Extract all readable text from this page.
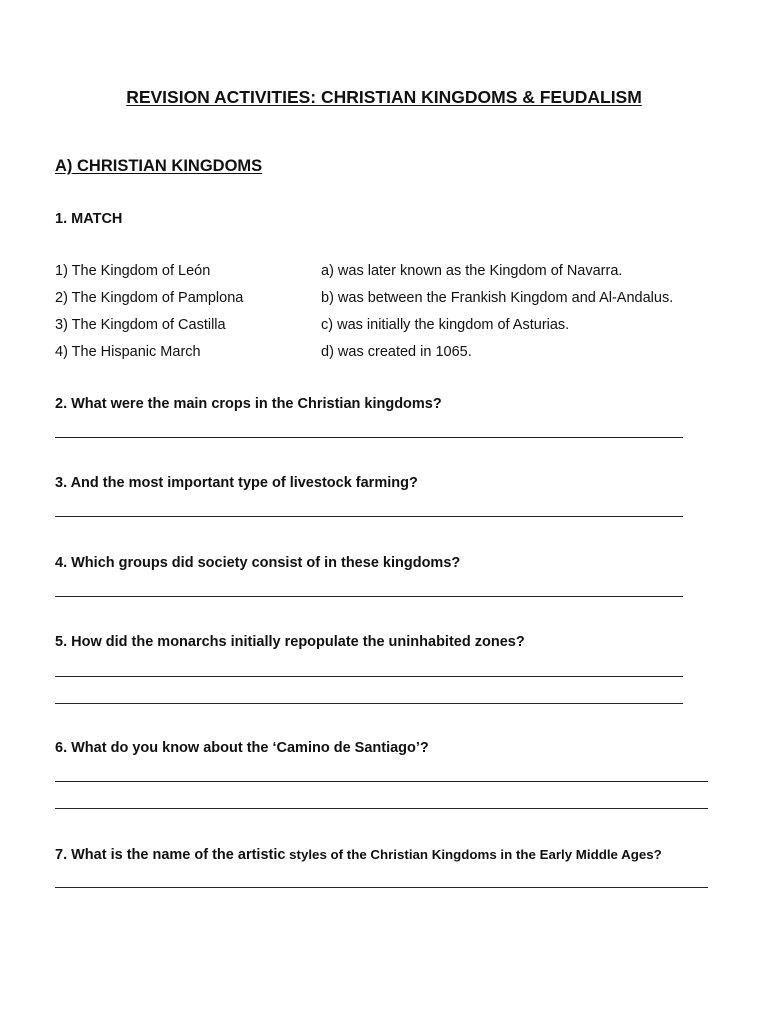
REVISION ACTIVITIES: CHRISTIAN KINGDOMS & FEUDALISM
A) CHRISTIAN KINGDOMS
1. MATCH
1) The Kingdom of León
2) The Kingdom of Pamplona
3) The Kingdom of Castilla
4) The Hispanic March
a) was later known as the Kingdom of Navarra.
b) was between the Frankish Kingdom and Al-Andalus.
c) was initially the kingdom of Asturias.
d) was created in 1065.
2. What were the main crops in the Christian kingdoms?
3. And the most important type of livestock farming?
4. Which groups did society consist of in these kingdoms?
5. How did the monarchs initially repopulate the uninhabited zones?
6. What do you know about the ‘Camino de Santiago’?
7. What is the name of the artistic styles of the Christian Kingdoms in the Early Middle Ages?
